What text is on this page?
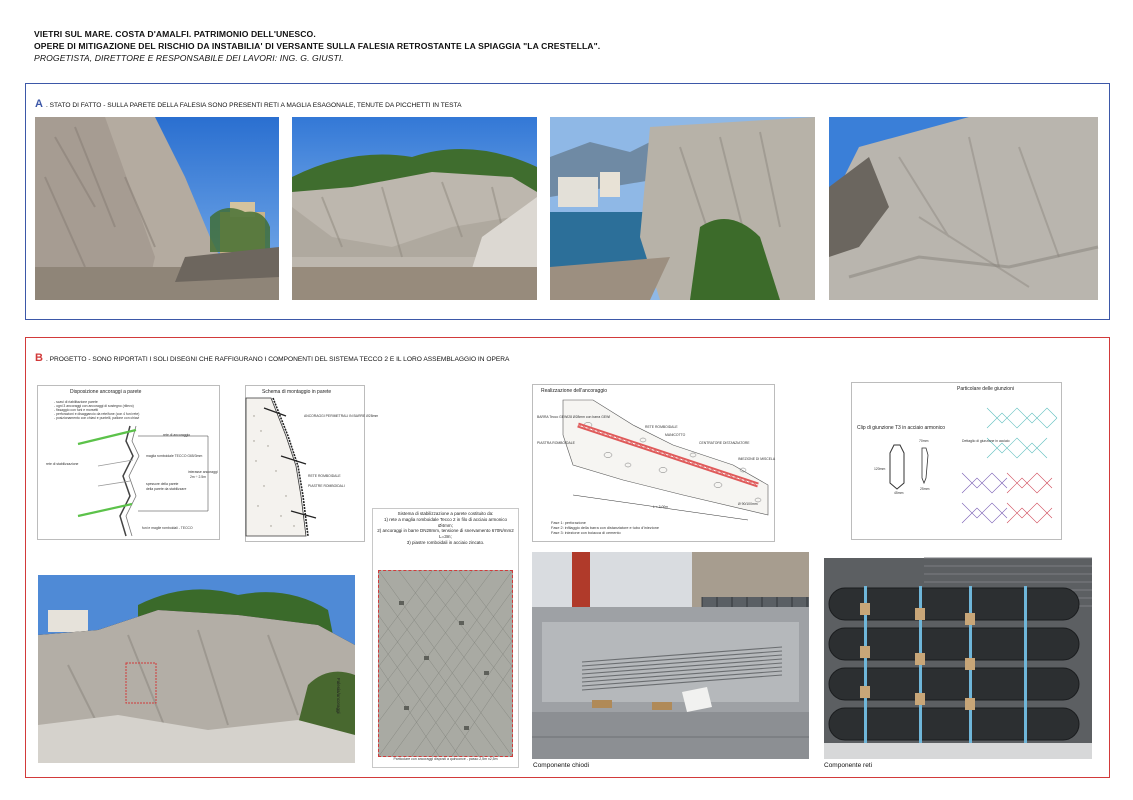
VIETRI SUL MARE. COSTA D'AMALFI. PATRIMONIO DELL'UNESCO.
OPERE DI MITIGAZIONE DEL RISCHIO DA INSTABILIA' DI VERSANTE SULLA FALESIA RETROSTANTE LA SPIAGGIA "LA CRESTELLA".
PROGETISTA, DIRETTORE E RESPONSABILE DEI LAVORI: ING. G. GIUSTI.
A . STATO DI FATTO - SULLA PARETE DELLA FALESIA SONO PRESENTI RETI A MAGLIA ESAGONALE, TENUTE DA PICCHETTI IN TESTA
B . PROGETTO - SONO RIPORTATI I SOLI DISEGNI CHE RAFFIGURANO I COMPONENTI DEL SISTEMA TECCO 2 E IL LORO ASSEMBLAGGIO IN OPERA
Disposizione ancoraggi a parete
- scavi di riabilitazione parete
- ogni 3 ancoraggi con ancoraggi di sostegno (rilievo)
- fissaggio con funi e morsetti
- perforazioni e disaggancio da rete/fune (con 4 funi rete)
- posizionamento con chiavi e puntelli, pallone con chiavi
rete di ancoraggio
rete di stabilizzazione
maglia romboidale TECCO G65/3mm
interasse ancoraggi
2m ÷ 2.5m
spessore della parete
della parete da stabilizzare
funi e maglie romboidali - TECCO
Schema di montaggio in parete
ANCORAGGI PERIMETRALI IN BARRE Ø28mm
RETE ROMBOIDALE
PIASTRE ROMBOIDALI
Realizzazione dell'ancoraggio
BARRA Tecco GEWI28 Ø28mm con barra GEWI
PIASTRA ROMBOIDALE
RETE ROMBOIDALE
MANICOTTO
CENTRATORE DISTANZIATORE
INIEZIONE DI MISCELA
L = 3,00m
Ø 90/100mm
Fase 1: perforazione
Fase 2: infilaggio della barra con distanziatore e tubo d'iniezione
Fase 3: iniezione con boiacca di cemento
Particolare delle giunzioni
Clip di giunzione T3 in acciaio armonico
120mm
45mm
70mm
25mm
Dettaglio di giunzione in acciaio
Sistema di stabilizzazione a parete costituito da:
1) rete a maglia romboidale Tecco 2 in filo di acciaio armonico Ø4mm;
2) ancoraggi in barre DN28mm, tensione di snervamento 670N/mm2 L=3m;
3) piastre romboidali in acciaio zincato.
Particolare con ancoraggi disposti a quinconce - passo 2,5m x2,5m
Falesia/ancoraggi
Componente chiodi	Componente reti
